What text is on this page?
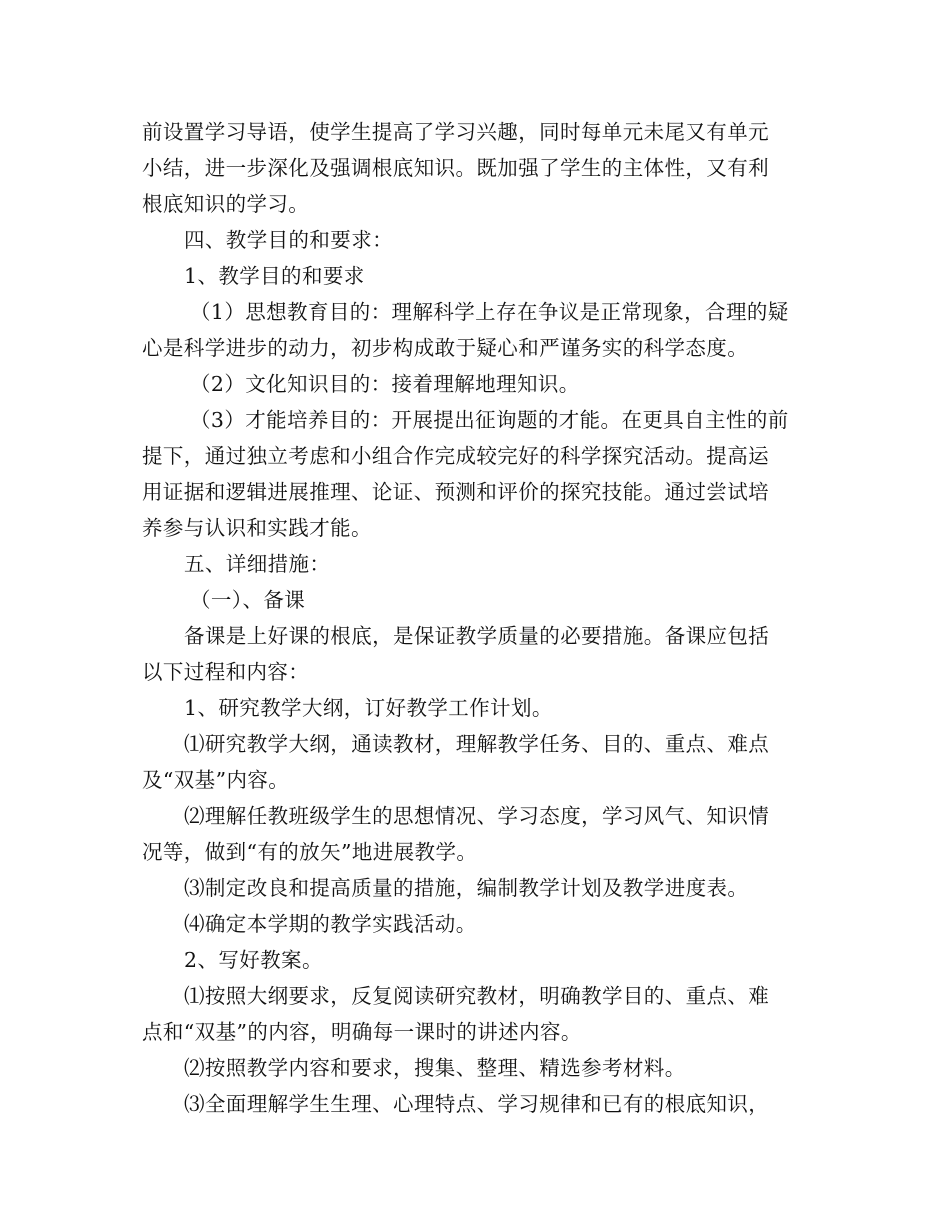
前设置学习导语，使学生提高了学习兴趣，同时每单元未尾又有单元
小结，进一步深化及强调根底知识。既加强了学生的主体性，又有利
根底知识的学习。
四、教学目的和要求：
1、教学目的和要求
（1）思想教育目的：理解科学上存在争议是正常现象，合理的疑
心是科学进步的动力，初步构成敢于疑心和严谨务实的科学态度。
（2）文化知识目的：接着理解地理知识。
（3）才能培养目的：开展提出征询题的才能。在更具自主性的前
提下，通过独立考虑和小组合作完成较完好的科学探究活动。提高运
用证据和逻辑进展推理、论证、预测和评价的探究技能。通过尝试培
养参与认识和实践才能。
五、详细措施：
（一）、备课
备课是上好课的根底，是保证教学质量的必要措施。备课应包括
以下过程和内容：
1、研究教学大纲，订好教学工作计划。
⑴研究教学大纲，通读教材，理解教学任务、目的、重点、难点
及“双基”内容。
⑵理解任教班级学生的思想情况、学习态度，学习风气、知识情
况等，做到“有的放矢”地进展教学。
⑶制定改良和提高质量的措施，编制教学计划及教学进度表。
⑷确定本学期的教学实践活动。
2、写好教案。
⑴按照大纲要求，反复阅读研究教材，明确教学目的、重点、难
点和“双基”的内容，明确每一课时的讲述内容。
⑵按照教学内容和要求，搜集、整理、精选参考材料。
⑶全面理解学生生理、心理特点、学习规律和已有的根底知识，
